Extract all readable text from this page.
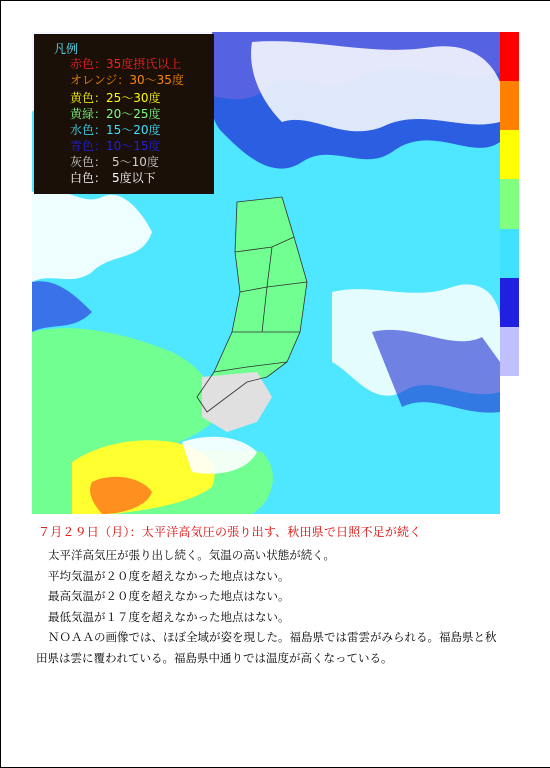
凡例
赤色：35度摂氏以上
オレンジ：30～35度
黄色：25～30度
黄緑：20～25度
水色：15～20度
青色：10～15度
灰色：　5～10度
白色：　5度以下
７月２９日（月）：太平洋高気圧の張り出す、秋田県で日照不足が続く

太平洋高気圧が張り出し続く。気温の高い状態が続く。

平均気温が２０度を超えなかった地点はない。

最高気温が２０度を超えなかった地点はない。

最低気温が１７度を超えなかった地点はない。

ＮＯＡＡの画像では、ほぼ全域が姿を現した。福島県では雷雲がみられる。福島県と秋田県は雲に覆われている。福島県中通りでは温度が高くなっている。
